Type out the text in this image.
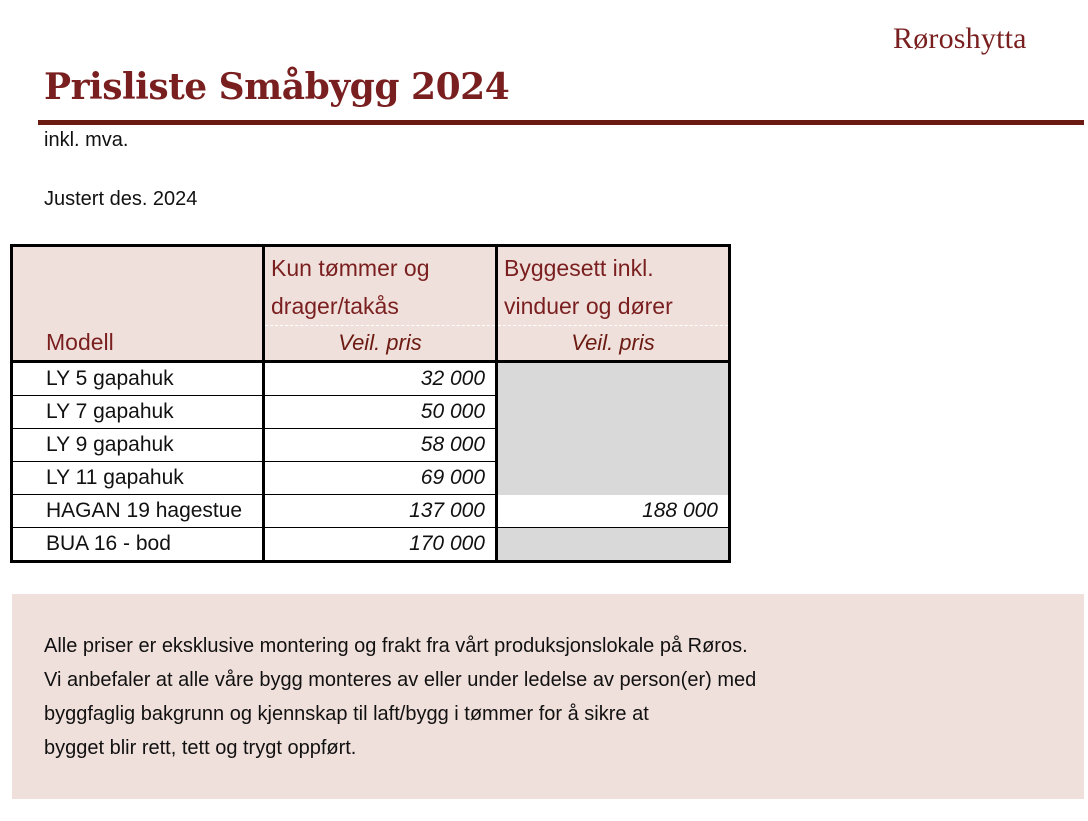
Røroshytta
Prisliste Småbygg 2024
inkl. mva.
Justert des. 2024
Modell	Kun tømmer og drager/takås	Byggesett inkl. vinduer og dører
	Veil. pris	Veil. pris
LY 5 gapahuk	32 000	
LY 7 gapahuk	50 000	
LY 9 gapahuk	58 000	
LY 11 gapahuk	69 000	
HAGAN 19 hagestue	137 000	188 000
BUA 16 - bod	170 000	
Alle priser er eksklusive montering og frakt fra vårt produksjonslokale på Røros.
Vi anbefaler at alle våre bygg monteres av eller under ledelse av person(er) med
byggfaglig bakgrunn og kjennskap til laft/bygg i tømmer for å sikre at
bygget blir rett, tett og trygt oppført.
